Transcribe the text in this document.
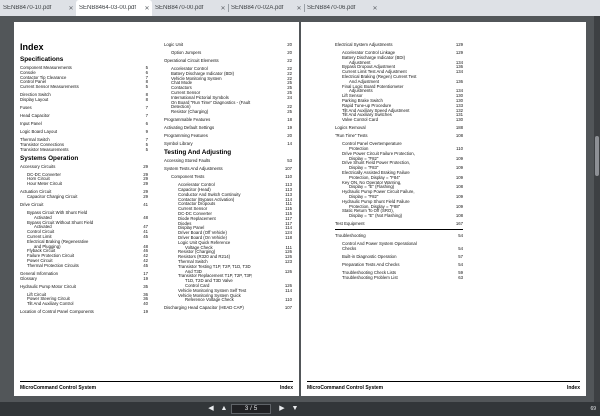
SENB8470-10.pdf	✕ SENB8464-03-00.pdf	✕ SENB8470-00.pdf	✕ SENB8470-02A.pdf	✕ SENB8470-06.pdf	✕
Index
Specifications
Component Measurements	5
Console	6
Contactor Tip Clearance	7
Control Panel	8
Current Sensor Measurements	5
Direction Switch	8
Display Layout	8
Fuses	7
Head Capacitor	7
Input Panel	6
Logic Board Layout	9
Thermal Switch	7
Transistor Connections	5
Transistor Measurements	5
Systems Operation
Accessory Circuits	29
DC-DC Converter	29
Horn Circuit	29
Hour Meter Circuit	29
Actuation Circuit	29
Capacitor Charging Circuit	29
Drive Circuit	41
Bypass Circuit With Shunt Field
Activated	48
Bypass Circuit Without Shunt Field
Activated	47
Control Circuit	41
Current Limit	45
Electrical Braking (Regenerative
and Plugging)	48
Flyback Circuit	46
Failure Protection Circuit	42
Power Circuit	42
Thermal Protection Circuits	45
General Information	17
Glossary	19
Hydraulic Pump Motor Circuit	35
Lift Circuit	36
Power Steering Circuit	36
Tilt And Auxiliary Control	40
Location of Control Panel Components	19
Logic Unit	20
Option Jumpers	20
Operational Circuit Elements	22
Accelerator Control	22
Battery Discharge Indicator (BDI)	22
Vehicle Monitoring System	22
Chat Mode	25
Contactors	25
Current Sensor	25
International Pictorial Symbols	24
On Board "Run Time" Diagnostics - (Fault
Detection)	22
Resistor (Charging)	25
Programmable Features	18
Activating Default Settings	19
Programming Features	20
Symbol Library	14
Testing And Adjusting
Accessing Stored Faults	53
System Tests And Adjustments	107
Component Tests	110
Accelerator Control	113
Capacitor (Head)	113
Conductor And Switch Continuity	113
Contactor (Bypass Activation)	114
Contactor Dropouts	111
Current Sensor	115
DC-DC Converter	115
Diode Replacement	117
Diodes	117
Display Panel	114
Driver Board (Off Vehicle)	124
Driver Board (On Vehicle)	118
Logic Unit Quick Reference
Voltage Check	111
Resistor (Charging)	126
Resistors (R320 and R214)	126
Thermal Switch	123
Transistor Testing T1P, T2P, T1D, T3D
And T3D	126
Transistor Replacement T1P, T2P, T3P,
T1D, T2D and T3D Valve
Control Card	126
Vehicle Monitoring System Self Test	114
Vehicle Monitoring System Quick
Reference Voltage Check	110
Discharging Head Capacitor (HEAD CAP)	107
MicroCommand Control System	Index
Electrical System Adjustments	129
Accelerator Control Linkage	129
Battery Discharge Indicator (BDI)
Adjustment	134
Bypass Dropout Adjustment	136
Current Limit Test And Adjustment	134
Electrical Braking (Regen) Current Test
And Adjustment	136
Final Logic Board Potentiometer
Adjustments	134
Lift Sensor	130
Parking Brake Switch	130
Rapid Tune-up Procedure	133
Tilt And Auxiliary Speed Adjustment	132
Tilt And Auxiliary Switches	131
Valve Control Card	130
Logics Removal	188
"Run Time" Tests	108
Control Panel Overtemperature
Protection	110
Drive Power Circuit Failure Protection,
Display = "F82"	109
Drive Shunt Field Power Protection,
Display = "F83"	109
Electrically Assisted Braking Failure
Protection, Display = "F84"	109
Key ON, No Operator Warning,
Display = "E" (Flashing)	108
Hydraulic Pump Power Circuit Failure,
Display = "F82"	109
Hydraulic Pump Shunt Field Failure
Protection, Display = "F88"	109
Static Return To Off (SRO),
Display = "E" (Not Flashing)	108
Test Equipment	167
Troubleshooting	54
Control And Power System Operational
Checks	54
Built-in Diagnostic Operation	57
Preparation Tests And Checks	54
Troubleshooting Check Lists	59
Troubleshooting Problem List	63
MicroCommand Control System	Index
◀ ▲	3 / 5	▶ ▼	69
